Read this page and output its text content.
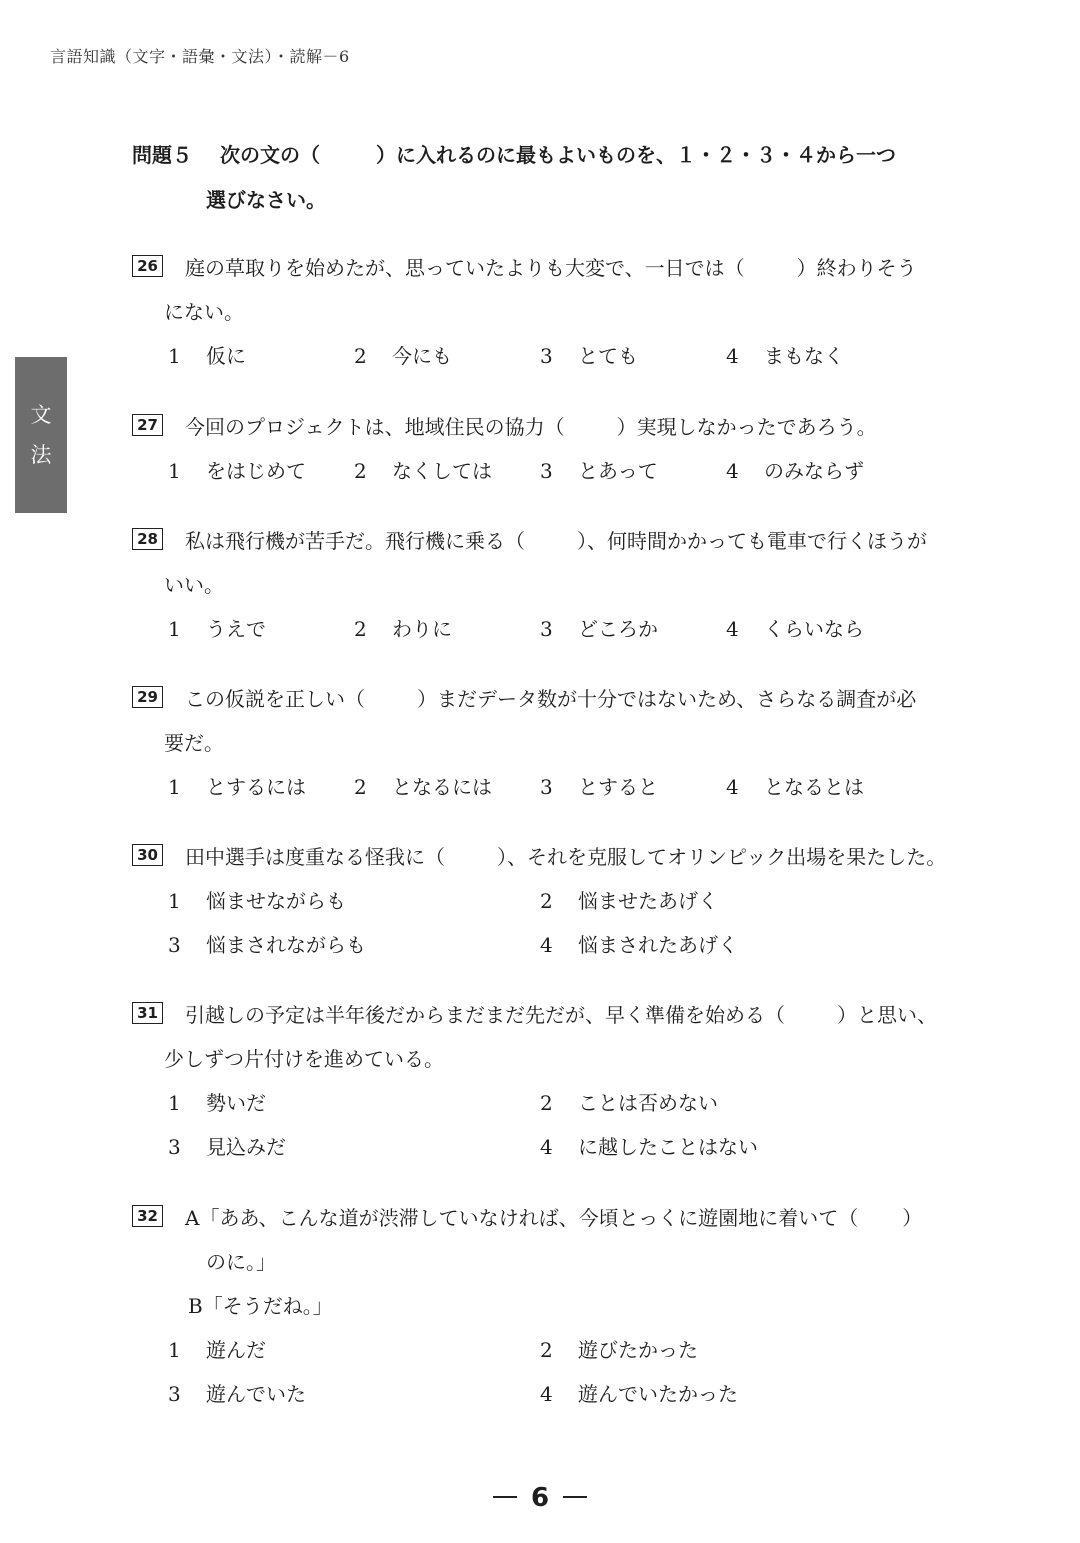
言語知識（文字・語彙・文法）・読解－6
文
法
問題５ 次の文の（	）に入れるのに最もよいものを、１・２・３・４から一つ
選びなさい。
26 庭の草取りを始めたが、思っていたよりも大変で、一日では（	）終わりそう
にない。
1 仮に	2 今にも	3 とても	4 まもなく
27 今回のプロジェクトは、地域住民の協力（	）実現しなかったであろう。
1 をはじめて 2 なくしては 3 とあって	4 のみならず
28 私は飛行機が苦手だ。飛行機に乗る（	）、何時間かかっても電車で行くほうが
いい。
1 うえで	2 わりに	3 どころか	4 くらいなら
29 この仮説を正しい（	）まだデータ数が十分ではないため、さらなる調査が必
要だ。
1 とするには 2 となるには 3 とすると	4 となるとは
30 田中選手は度重なる怪我に（	）、それを克服してオリンピック出場を果たした。
1 悩ませながらも	2 悩ませたあげく
3 悩まされながらも	4 悩まされたあげく
31 引越しの予定は半年後だからまだまだ先だが、早く準備を始める（	）と思い、
少しずつ片付けを進めている。
1 勢いだ	2 ことは否めない
3 見込みだ	4 に越したことはない
32 A「ああ、こんな道が渋滞していなければ、今頃とっくに遊園地に着いて（ ）
のに。」
B「そうだね。」
1 遊んだ	2 遊びたかった
3 遊んでいた	4 遊んでいたかった
6
